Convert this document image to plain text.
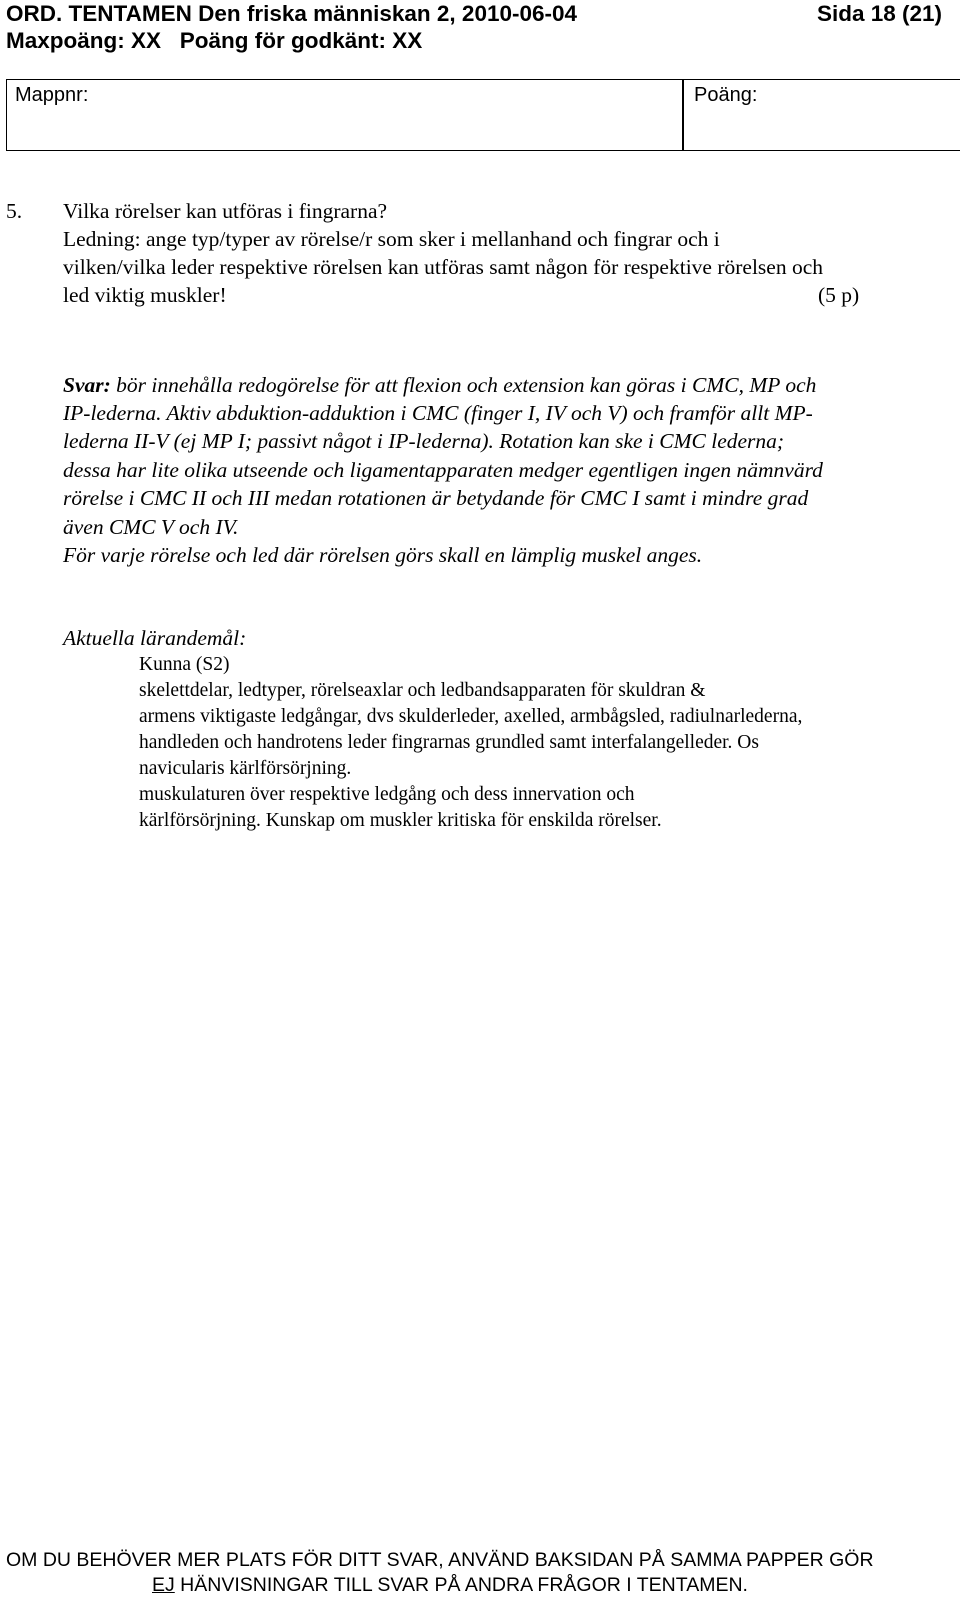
ORD. TENTAMEN Den friska människan 2, 2010-06-04	Sida 18 (21)
Maxpoäng: XX Poäng för godkänt: XX
Mappnr:	Poäng:
5. Vilka rörelser kan utföras i fingrarna?
Ledning: ange typ/typer av rörelse/r som sker i mellanhand och fingrar och i
vilken/vilka leder respektive rörelsen kan utföras samt någon för respektive rörelsen och
led viktig muskler!	(5 p)
Svar: bör innehålla redogörelse för att flexion och extension kan göras i CMC, MP och
IP-lederna. Aktiv abduktion-adduktion i CMC (finger I, IV och V) och framför allt MP-
lederna II-V (ej MP I; passivt något i IP-lederna). Rotation kan ske i CMC lederna;
dessa har lite olika utseende och ligamentapparaten medger egentligen ingen nämnvärd
rörelse i CMC II och III medan rotationen är betydande för CMC I samt i mindre grad
även CMC V och IV.
För varje rörelse och led där rörelsen görs skall en lämplig muskel anges.
Aktuella lärandemål:
Kunna (S2)
skelettdelar, ledtyper, rörelseaxlar och ledbandsapparaten för skuldran &
armens viktigaste ledgångar, dvs skulderleder, axelled, armbågsled, radiulnarlederna,
handleden och handrotens leder fingrarnas grundled samt interfalangelleder. Os
navicularis kärlförsörjning.
muskulaturen över respektive ledgång och dess innervation och
kärlförsörjning. Kunskap om muskler kritiska för enskilda rörelser.
OM DU BEHÖVER MER PLATS FÖR DITT SVAR, ANVÄND BAKSIDAN PÅ SAMMA PAPPER GÖR
EJ HÄNVISNINGAR TILL SVAR PÅ ANDRA FRÅGOR I TENTAMEN.
